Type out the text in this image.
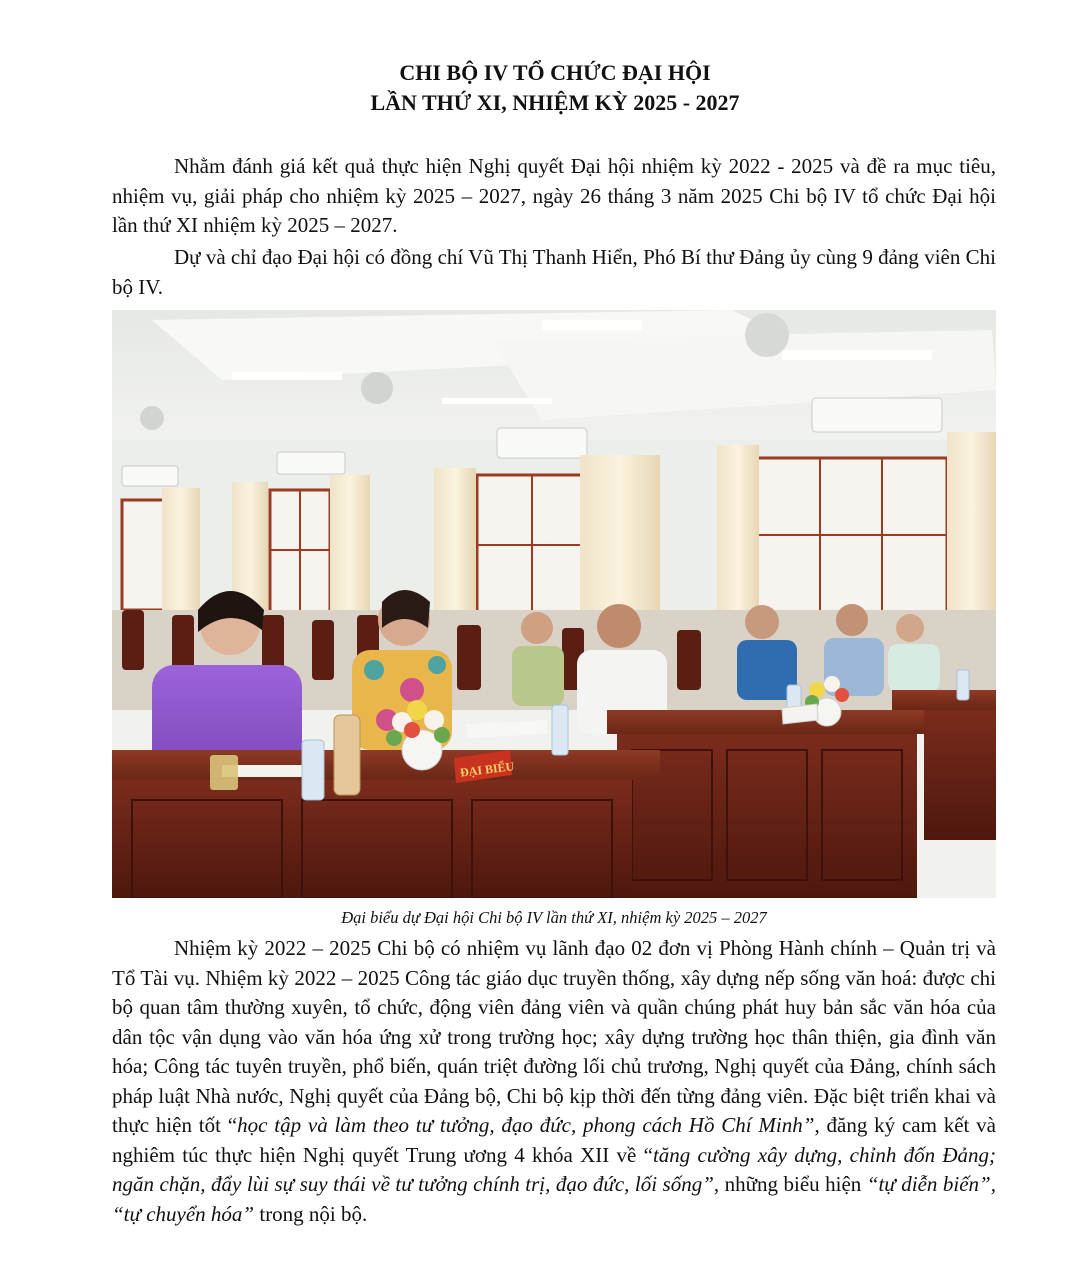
CHI BỘ IV TỔ CHỨC ĐẠI HỘI
LẦN THỨ XI, NHIỆM KỲ 2025 - 2027

Nhằm đánh giá kết quả thực hiện Nghị quyết Đại hội nhiệm kỳ 2022 - 2025 và đề ra mục tiêu, nhiệm vụ, giải pháp cho nhiệm kỳ 2025 – 2027, ngày 26 tháng 3 năm 2025 Chi bộ IV tổ chức Đại hội lần thứ XI nhiệm kỳ 2025 – 2027.

Dự và chỉ đạo Đại hội có đồng chí Vũ Thị Thanh Hiển, Phó Bí thư Đảng ủy cùng 9 đảng viên Chi bộ IV.

ĐẠI BIỂU
Đại biểu dự Đại hội Chi bộ IV lần thứ XI, nhiệm kỳ 2025 – 2027

Nhiệm kỳ 2022 – 2025 Chi bộ có nhiệm vụ lãnh đạo 02 đơn vị Phòng Hành chính – Quản trị và Tổ Tài vụ. Nhiệm kỳ 2022 – 2025 Công tác giáo dục truyền thống, xây dựng nếp sống văn hoá: được chi bộ quan tâm thường xuyên, tổ chức, động viên đảng viên và quần chúng phát huy bản sắc văn hóa của dân tộc vận dụng vào văn hóa ứng xử trong trường học; xây dựng trường học thân thiện, gia đình văn hóa; Công tác tuyên truyền, phổ biến, quán triệt đường lối chủ trương, Nghị quyết của Đảng, chính sách pháp luật Nhà nước, Nghị quyết của Đảng bộ, Chi bộ kịp thời đến từng đảng viên. Đặc biệt triển khai và thực hiện tốt “học tập và làm theo tư tưởng, đạo đức, phong cách Hồ Chí Minh”, đăng ký cam kết và nghiêm túc thực hiện Nghị quyết Trung ương 4 khóa XII về “tăng cường xây dựng, chỉnh đốn Đảng; ngăn chặn, đẩy lùi sự suy thái về tư tưởng chính trị, đạo đức, lối sống”, những biểu hiện “tự diễn biến”, “tự chuyển hóa” trong nội bộ.
